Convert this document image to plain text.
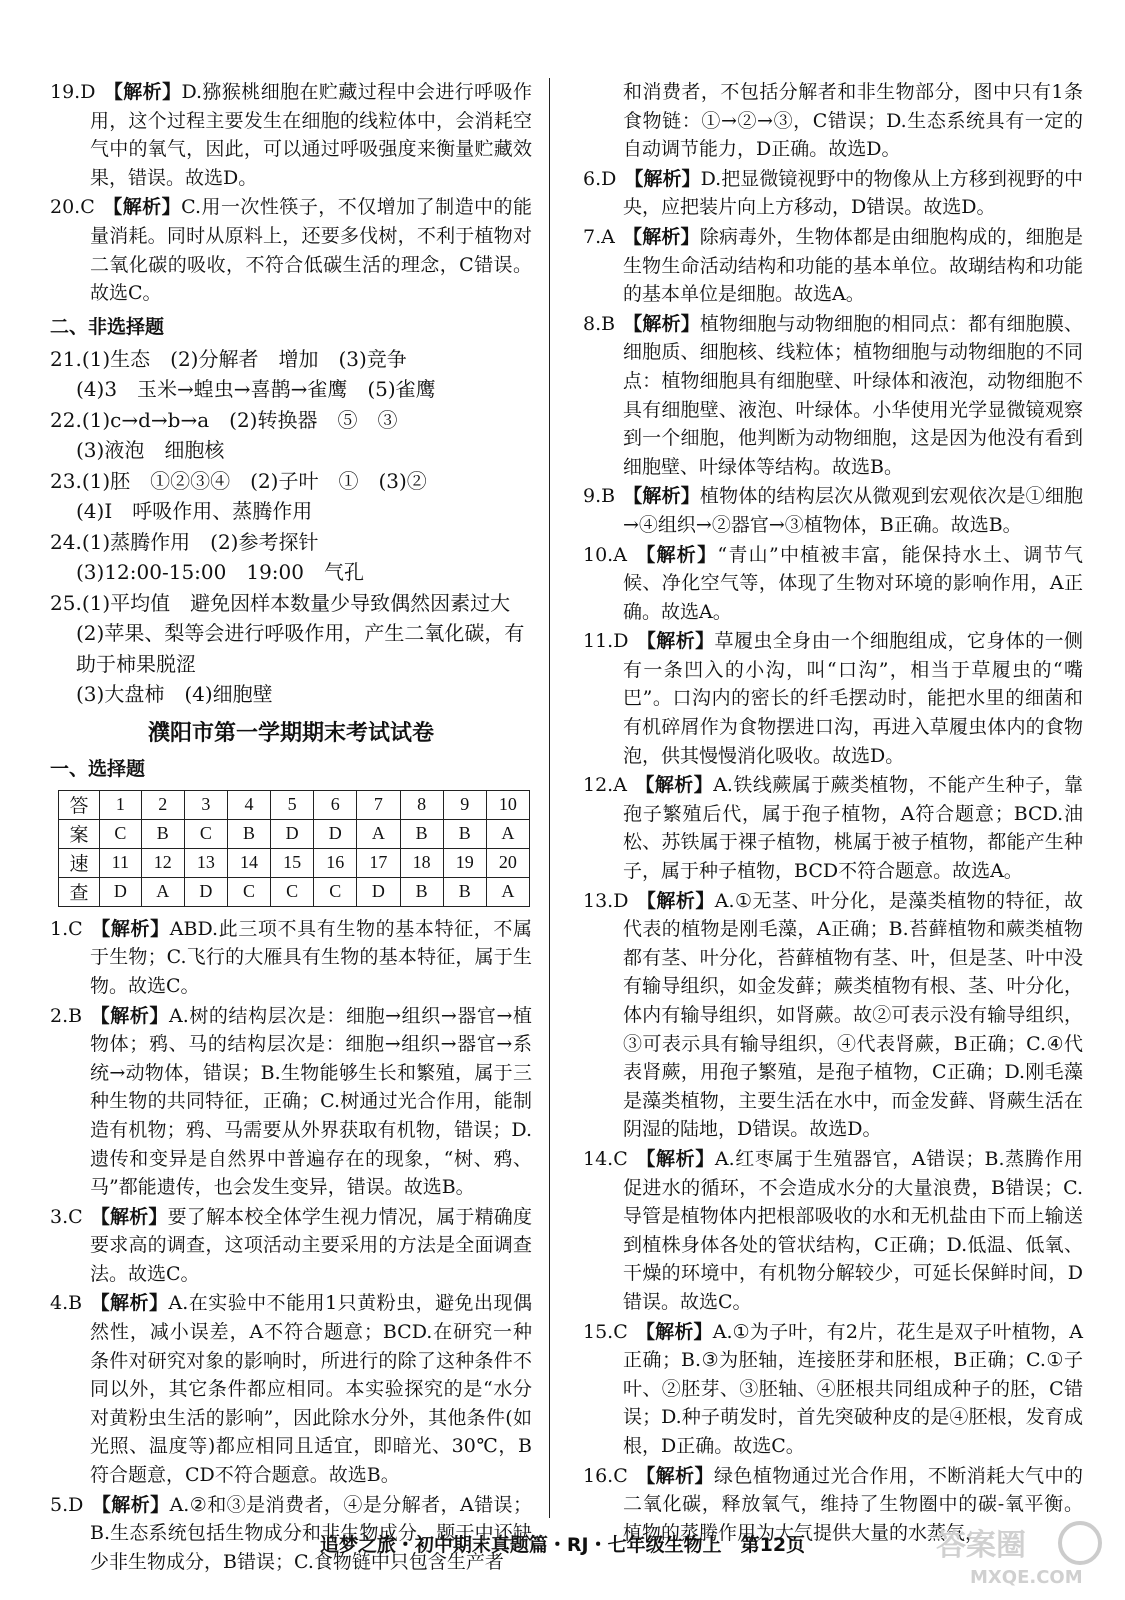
19.D 【解析】D.猕猴桃细胞在贮藏过程中会进行呼吸作用，这个过程主要发生在细胞的线粒体中，会消耗空气中的氧气，因此，可以通过呼吸强度来衡量贮藏效果，错误。故选D。
20.C 【解析】C.用一次性筷子，不仅增加了制造中的能量消耗。同时从原料上，还要多伐树，不利于植物对二氧化碳的吸收，不符合低碳生活的理念，C错误。故选C。
二、非选择题
21.(1)生态　(2)分解者　增加　(3)竞争
(4)3　玉米→蝗虫→喜鹊→雀鹰　(5)雀鹰
22.(1)c→d→b→a　(2)转换器　⑤　③
(3)液泡　细胞核
23.(1)胚　①②③④　(2)子叶　①　(3)②
(4)Ⅰ　呼吸作用、蒸腾作用
24.(1)蒸腾作用　(2)参考探针
(3)12:00-15:00　19:00　气孔
25.(1)平均值　避免因样本数量少导致偶然因素过大
(2)苹果、梨等会进行呼吸作用，产生二氧化碳，有助于柿果脱涩
(3)大盘柿　(4)细胞壁
濮阳市第一学期期末考试试卷
一、选择题
答	1	2	3	4	5	6	7	8	9	10
案	C	B	C	B	D	D	A	B	B	A
速	11	12	13	14	15	16	17	18	19	20
查	D	A	D	C	C	C	D	B	B	A
1.C 【解析】ABD.此三项不具有生物的基本特征，不属于生物；C.飞行的大雁具有生物的基本特征，属于生物。故选C。
2.B 【解析】A.树的结构层次是：细胞→组织→器官→植物体；鸦、马的结构层次是：细胞→组织→器官→系统→动物体，错误；B.生物能够生长和繁殖，属于三种生物的共同特征，正确；C.树通过光合作用，能制造有机物；鸦、马需要从外界获取有机物，错误；D.遗传和变异是自然界中普遍存在的现象，“树、鸦、马”都能遗传，也会发生变异，错误。故选B。
3.C 【解析】要了解本校全体学生视力情况，属于精确度要求高的调查，这项活动主要采用的方法是全面调查法。故选C。
4.B 【解析】A.在实验中不能用1只黄粉虫，避免出现偶然性，减小误差，A不符合题意；BCD.在研究一种条件对研究对象的影响时，所进行的除了这种条件不同以外，其它条件都应相同。本实验探究的是“水分对黄粉虫生活的影响”，因此除水分外，其他条件(如光照、温度等)都应相同且适宜，即暗光、30℃，B符合题意，CD不符合题意。故选B。
5.D 【解析】A.②和③是消费者，④是分解者，A错误；B.生态系统包括生物成分和非生物成分，题干中还缺少非生物成分，B错误；C.食物链中只包含生产者
和消费者，不包括分解者和非生物部分，图中只有1条食物链：①→②→③，C错误；D.生态系统具有一定的自动调节能力，D正确。故选D。
6.D 【解析】D.把显微镜视野中的物像从上方移到视野的中央，应把装片向上方移动，D错误。故选D。
7.A 【解析】除病毒外，生物体都是由细胞构成的，细胞是生物生命活动结构和功能的基本单位。故瑚结构和功能的基本单位是细胞。故选A。
8.B 【解析】植物细胞与动物细胞的相同点：都有细胞膜、细胞质、细胞核、线粒体；植物细胞与动物细胞的不同点：植物细胞具有细胞壁、叶绿体和液泡，动物细胞不具有细胞壁、液泡、叶绿体。小华使用光学显微镜观察到一个细胞，他判断为动物细胞，这是因为他没有看到细胞壁、叶绿体等结构。故选B。
9.B 【解析】植物体的结构层次从微观到宏观依次是①细胞→④组织→②器官→③植物体，B正确。故选B。
10.A 【解析】“青山”中植被丰富，能保持水土、调节气候、净化空气等，体现了生物对环境的影响作用，A正确。故选A。
11.D 【解析】草履虫全身由一个细胞组成，它身体的一侧有一条凹入的小沟，叫“口沟”，相当于草履虫的“嘴巴”。口沟内的密长的纤毛摆动时，能把水里的细菌和有机碎屑作为食物摆进口沟，再进入草履虫体内的食物泡，供其慢慢消化吸收。故选D。
12.A 【解析】A.铁线蕨属于蕨类植物，不能产生种子，靠孢子繁殖后代，属于孢子植物，A符合题意；BCD.油松、苏铁属于裸子植物，桃属于被子植物，都能产生种子，属于种子植物，BCD不符合题意。故选A。
13.D 【解析】A.①无茎、叶分化，是藻类植物的特征，故代表的植物是刚毛藻，A正确；B.苔藓植物和蕨类植物都有茎、叶分化，苔藓植物有茎、叶，但是茎、叶中没有输导组织，如金发藓；蕨类植物有根、茎、叶分化，体内有输导组织，如肾蕨。故②可表示没有输导组织，③可表示具有输导组织，④代表肾蕨，B正确；C.④代表肾蕨，用孢子繁殖，是孢子植物，C正确；D.刚毛藻是藻类植物，主要生活在水中，而金发藓、肾蕨生活在阴湿的陆地，D错误。故选D。
14.C 【解析】A.红枣属于生殖器官，A错误；B.蒸腾作用促进水的循环，不会造成水分的大量浪费，B错误；C.导管是植物体内把根部吸收的水和无机盐由下而上输送到植株身体各处的管状结构，C正确；D.低温、低氧、干燥的环境中，有机物分解较少，可延长保鲜时间，D错误。故选C。
15.C 【解析】A.①为子叶，有2片，花生是双子叶植物，A正确；B.③为胚轴，连接胚芽和胚根，B正确；C.①子叶、②胚芽、③胚轴、④胚根共同组成种子的胚，C错误；D.种子萌发时，首先突破种皮的是④胚根，发育成根，D正确。故选C。
16.C 【解析】绿色植物通过光合作用，不断消耗大气中的二氧化碳，释放氧气，维持了生物圈中的碳-氧平衡。植物的蒸腾作用为大气提供大量的水蒸气，
追梦之旅・初中期末真题篇・RJ・七年级生物上　第12页	答案圈
MXQE.COM
